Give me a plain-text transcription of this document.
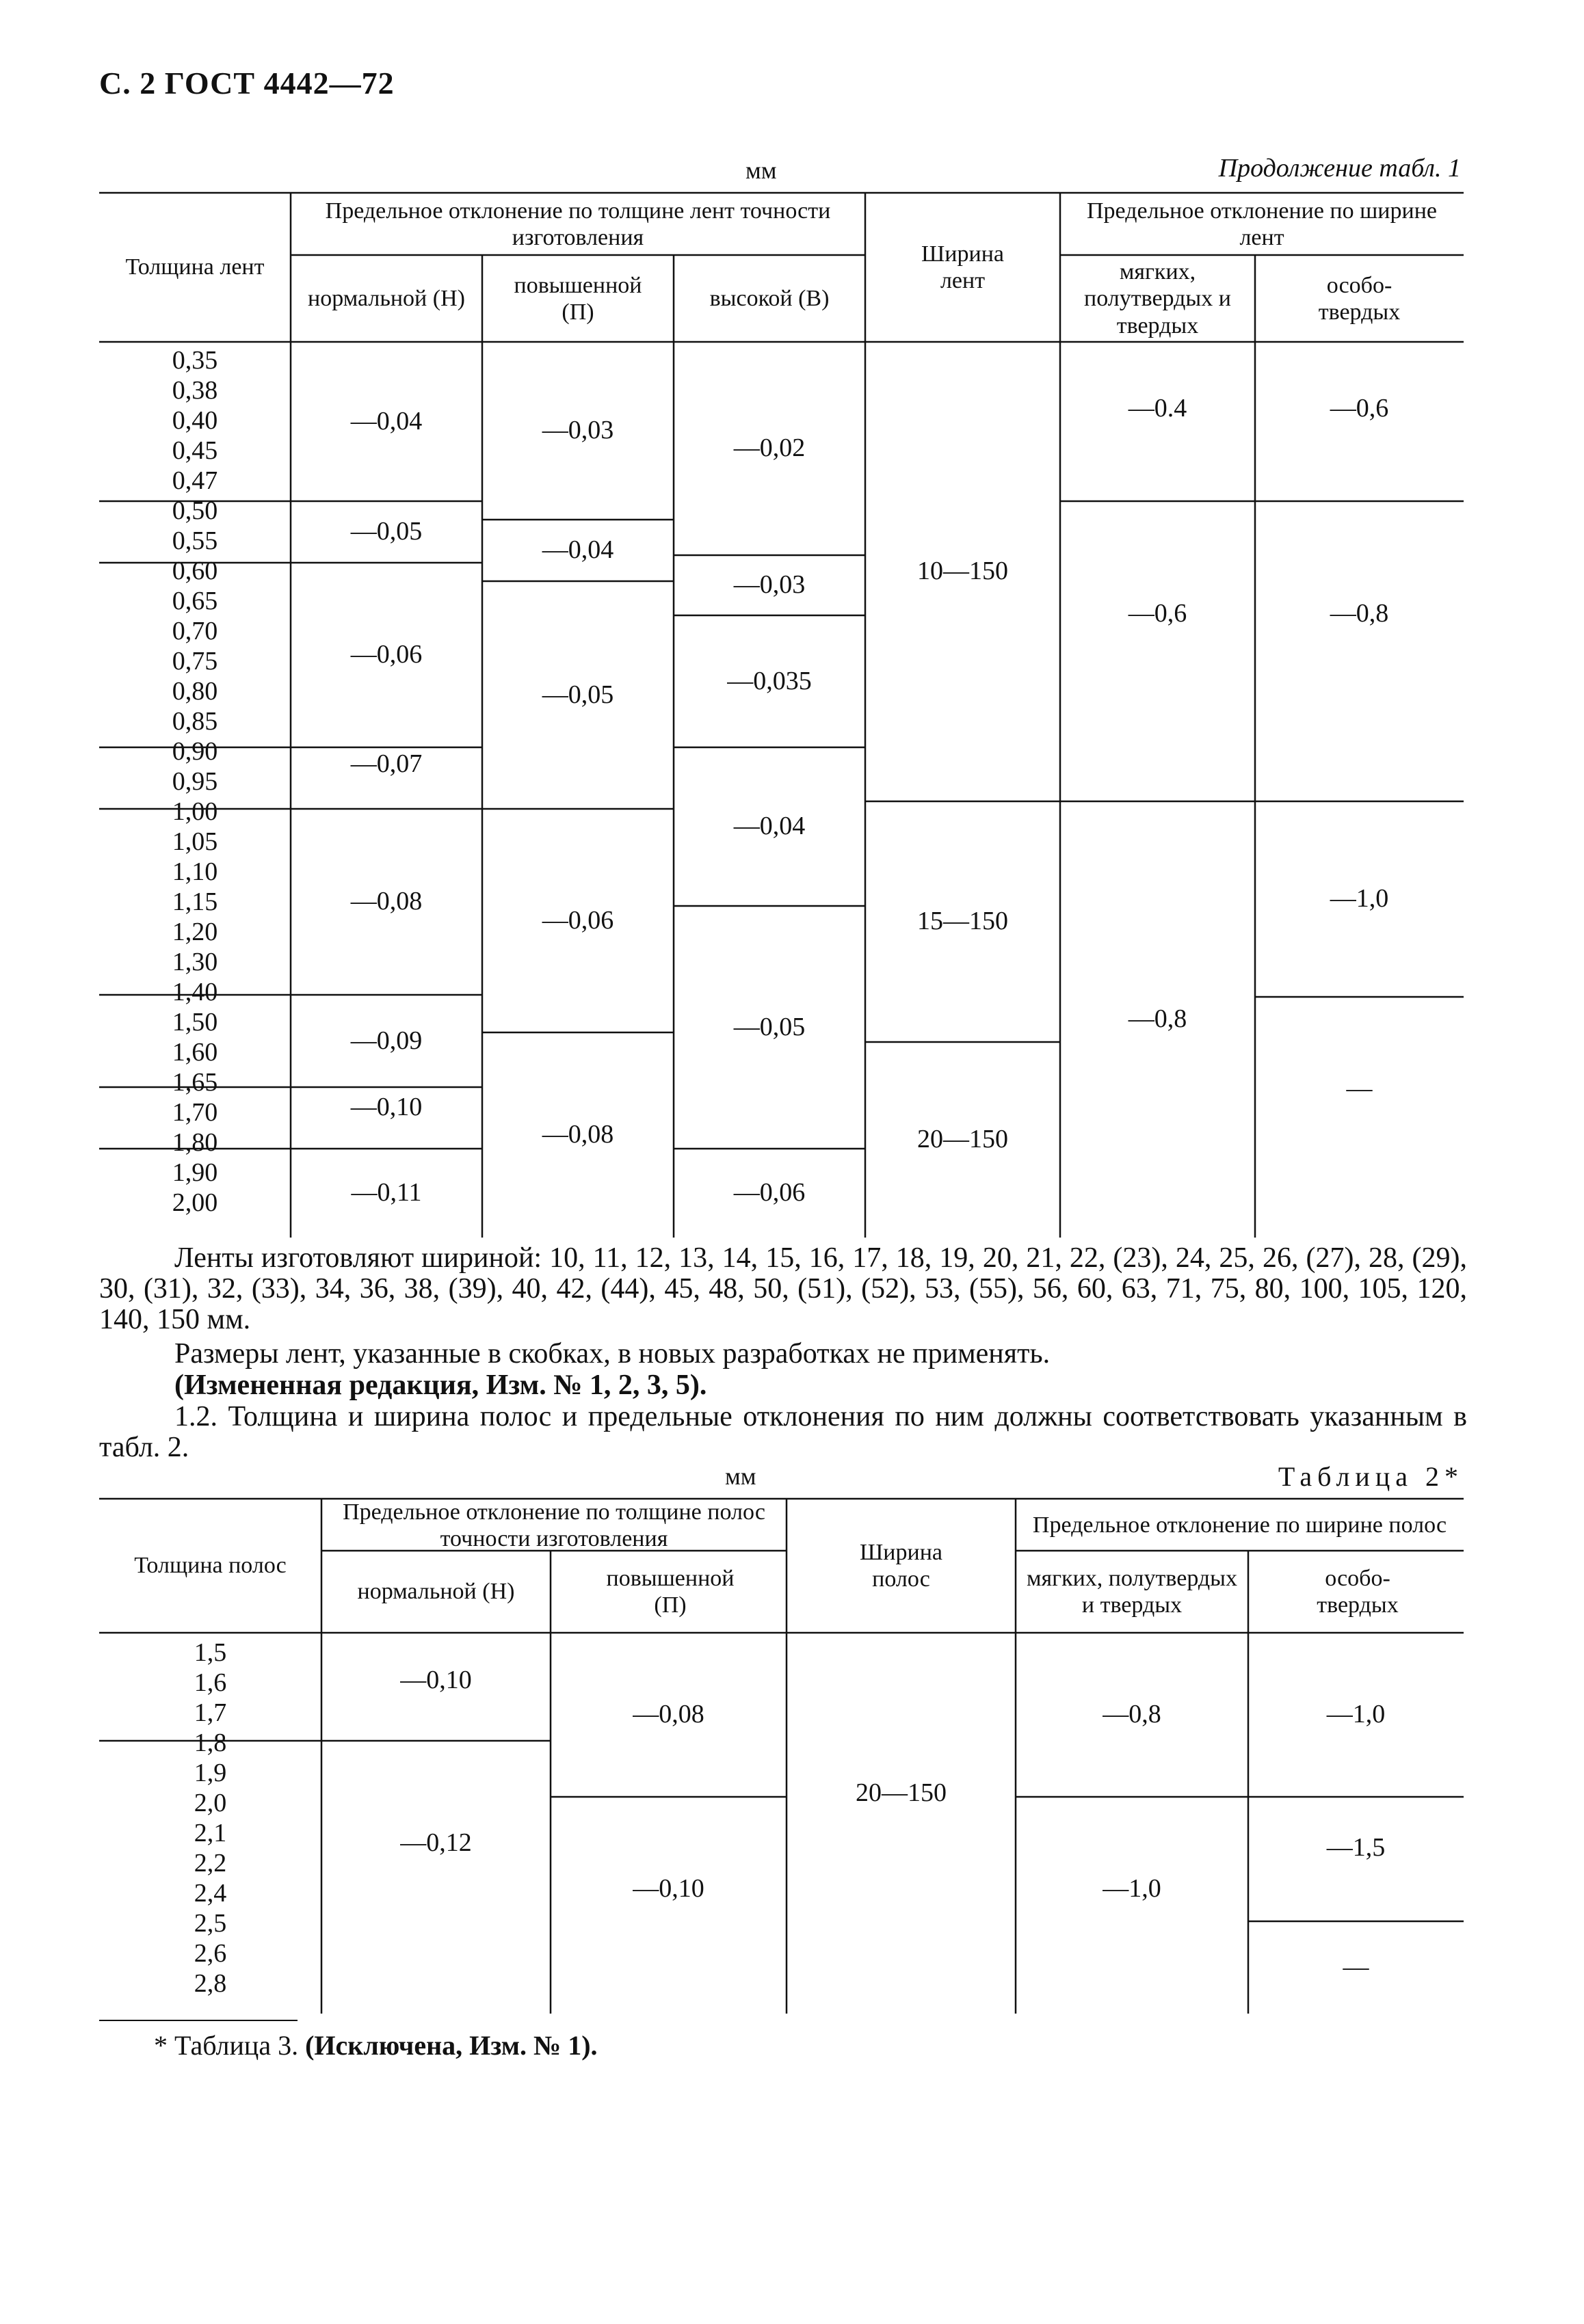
С. 2 ГОСТ 4442—72
мм	Продолжение табл. 1
Толщина лент
Предельное отклонение по толщине лент точности изготовления
нормальной (Н)
повышенной (П)
высокой (В)
Ширина лент
Предельное отклонение по ширине лент
мягких, полутвердых и твердых
особо-твердых
0,35
0,38
0,40
0,45
0,47
0,50
0,55
0,60
0,65
0,70
0,75
0,80
0,85
0,90
0,95
1,00
1,05
1,10
1,15
1,20
1,30
1,40
1,50
1,60
1,65
1,70
1,80
1,90
2,00
—0,04
—0,05
—0,06
—0,07
—0,08
—0,09
—0,10
—0,11
—0,03
—0,04
—0,05
—0,06
—0,08
—0,02
—0,03
—0,035
—0,04
—0,05
—0,06
10—150
15—150
20—150
—0.4
—0,6
—0,8
—0,6
—0,8
—1,0
—
Ленты изготовляют шириной: 10, 11, 12, 13, 14, 15, 16, 17, 18, 19, 20, 21, 22, (23), 24, 25, 26, (27), 28, (29), 30, (31), 32, (33), 34, 36, 38, (39), 40, 42, (44), 45, 48, 50, (51), (52), 53, (55), 56, 60, 63, 71, 75, 80, 100, 105, 120, 140, 150 мм.
Размеры лент, указанные в скобках, в новых разработках не применять.
(Измененная редакция, Изм. № 1, 2, 3, 5).
1.2. Толщина и ширина полос и предельные отклонения по ним должны соответствовать указанным в табл. 2.
мм	Таблица 2*
Толщина полос
Предельное отклонение по толщине полос точности изготовления
нормальной (Н)
повышенной (П)
Ширина полос
Предельное отклонение по ширине полос
мягких, полутвердых и твердых
особо-твердых
1,5
1,6
1,7
1,8
1,9
2,0
2,1
2,2
2,4
2,5
2,6
2,8
—0,10
—0,12
—0,08
—0,10
20—150
—0,8
—1,0
—1,0
—1,5
—
* Таблица 3. (Исключена, Изм. № 1).
